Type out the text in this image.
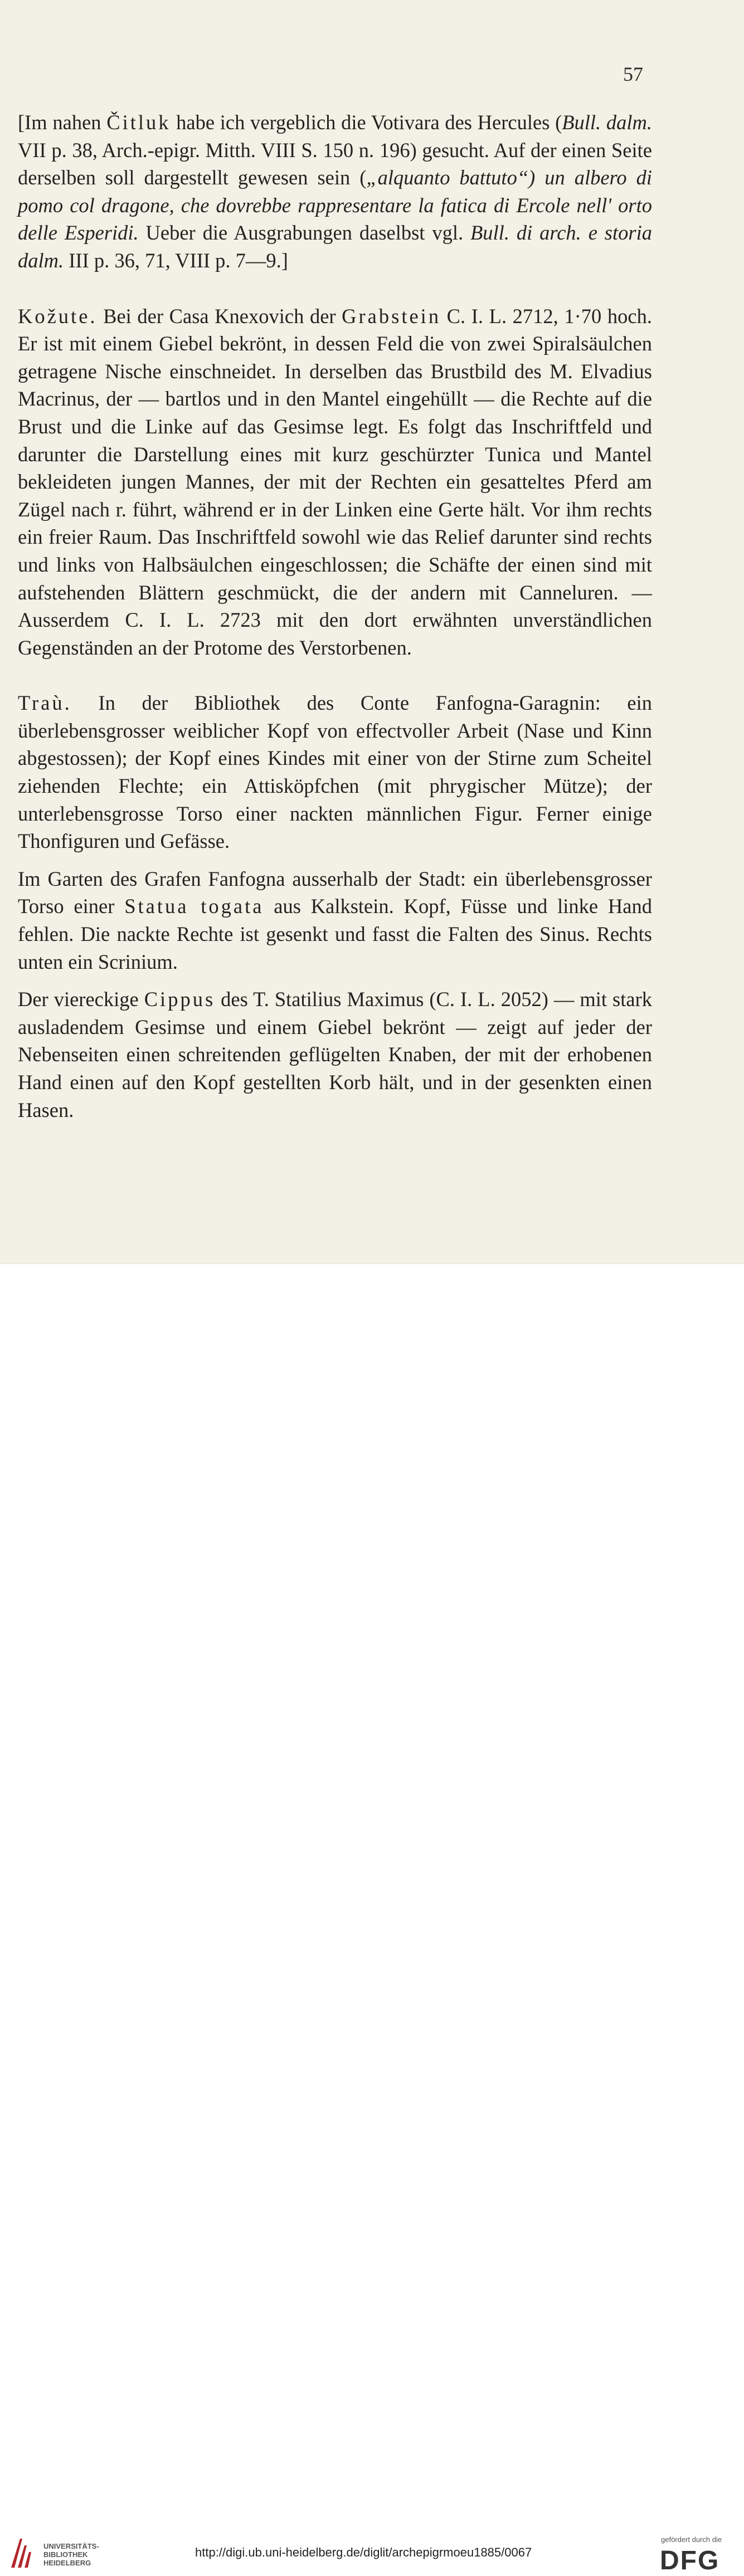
57

[Im nahen Čitluk habe ich vergeblich die Votivara des Hercules (Bull. dalm. VII p. 38, Arch.-epigr. Mitth. VIII S. 150 n. 196) gesucht. Auf der einen Seite derselben soll dargestellt gewesen sein („alquanto battuto“) un albero di pomo col dragone, che dovrebbe rappresentare la fatica di Ercole nell' orto delle Esperidi. Ueber die Ausgrabungen daselbst vgl. Bull. di arch. e storia dalm. III p. 36, 71, VIII p. 7—9.]

Kožute. Bei der Casa Knexovich der Grabstein C. I. L. 2712, 1·70 hoch. Er ist mit einem Giebel bekrönt, in dessen Feld die von zwei Spiralsäulchen getragene Nische einschneidet. In derselben das Brustbild des M. Elvadius Macrinus, der — bartlos und in den Mantel eingehüllt — die Rechte auf die Brust und die Linke auf das Gesimse legt. Es folgt das Inschriftfeld und darunter die Darstellung eines mit kurz geschürzter Tunica und Mantel bekleideten jungen Mannes, der mit der Rechten ein gesatteltes Pferd am Zügel nach r. führt, während er in der Linken eine Gerte hält. Vor ihm rechts ein freier Raum. Das Inschriftfeld sowohl wie das Relief darunter sind rechts und links von Halbsäulchen eingeschlossen; die Schäfte der einen sind mit aufstehenden Blättern geschmückt, die der andern mit Canneluren. — Ausserdem C. I. L. 2723 mit den dort erwähnten unverständlichen Gegenständen an der Protome des Verstorbenen.

Traù. In der Bibliothek des Conte Fanfogna-Garagnin: ein überlebensgrosser weiblicher Kopf von effectvoller Arbeit (Nase und Kinn abgestossen); der Kopf eines Kindes mit einer von der Stirne zum Scheitel ziehenden Flechte; ein Attisköpfchen (mit phrygischer Mütze); der unterlebensgrosse Torso einer nackten männlichen Figur. Ferner einige Thonfiguren und Gefässe.

Im Garten des Grafen Fanfogna ausserhalb der Stadt: ein überlebensgrosser Torso einer Statua togata aus Kalkstein. Kopf, Füsse und linke Hand fehlen. Die nackte Rechte ist gesenkt und fasst die Falten des Sinus. Rechts unten ein Scrinium.

Der viereckige Cippus des T. Statilius Maximus (C. I. L. 2052) — mit stark ausladendem Gesimse und einem Giebel bekrönt — zeigt auf jeder der Nebenseiten einen schreitenden geflügelten Knaben, der mit der erhobenen Hand einen auf den Kopf gestellten Korb hält, und in der gesenkten einen Hasen.

UNIVERSITÄTS-
BIBLIOTHEK
HEIDELBERG
http://digi.ub.uni-heidelberg.de/diglit/archepigrmoeu1885/0067
gefördert durch die
DFG
